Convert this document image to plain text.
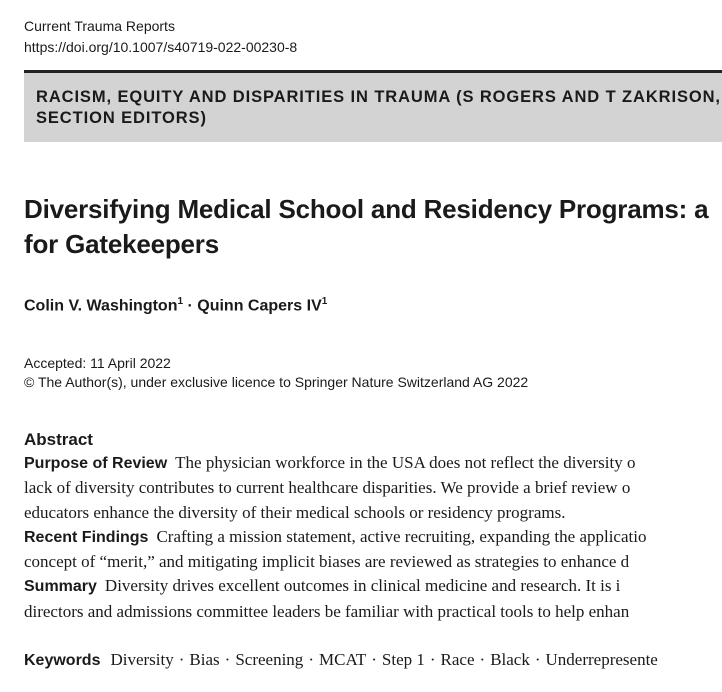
Current Trauma Reports
https://doi.org/10.1007/s40719-022-00230-8
RACISM, EQUITY AND DISPARITIES IN TRAUMA (S ROGERS AND T ZAKRISON,
SECTION EDITORS)
Diversifying Medical School and Residency Programs: a
for Gatekeepers
Colin V. Washington$^1$ · Quinn Capers $IV^1$
Accepted: 11 April 2022
© The Author(s), under exclusive licence to Springer Nature Switzerland AG 2022
Abstract
Purpose of Review The physician workforce in the USA does not reflect the diversity o
lack of diversity contributes to current healthcare disparities. We provide a brief review o
educators enhance the diversity of their medical schools or residency programs.
Recent Findings Crafting a mission statement, active recruiting, expanding the applicatio
concept of “merit,” and mitigating implicit biases are reviewed as strategies to enhance d
Summary Diversity drives excellent outcomes in clinical medicine and research. It is i
directors and admissions committee leaders be familiar with practical tools to help enhan
Keywords Diversity · Bias · Screening · MCAT · Step 1 · Race · Black · Underrepresente
